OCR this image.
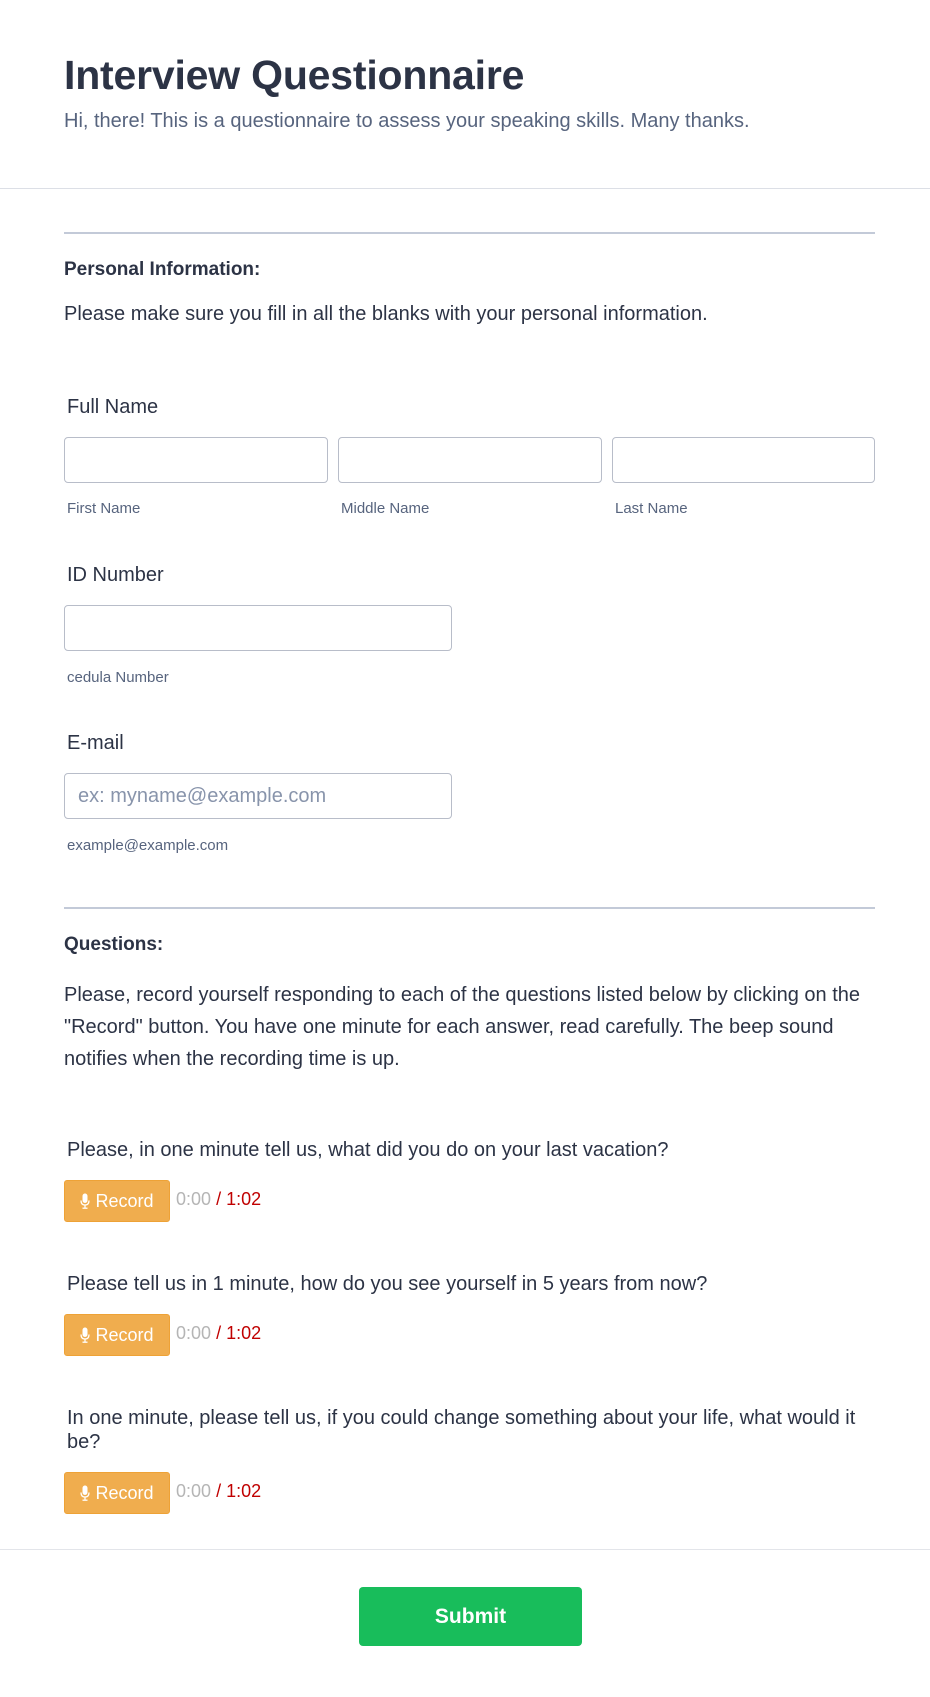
Interview Questionnaire

Hi, there! This is a questionnaire to assess your speaking skills. Many thanks.

Personal Information:

Please make sure you fill in all the blanks with your personal information.

Full Name

First Name	Middle Name	Last Name

ID Number

cedula Number

E-mail

ex: myname@example.com

example@example.com

Questions:

Please, record yourself responding to each of the questions listed below by clicking on the "Record" button. You have one minute for each answer, read carefully. The beep sound notifies when the recording time is up.

Please, in one minute tell us, what did you do on your last vacation?

Record 0:00 / 1:02

Please tell us in 1 minute, how do you see yourself in 5 years from now?

Record 0:00 / 1:02

In one minute, please tell us, if you could change something about your life, what would it be?

Record 0:00 / 1:02
Submit
